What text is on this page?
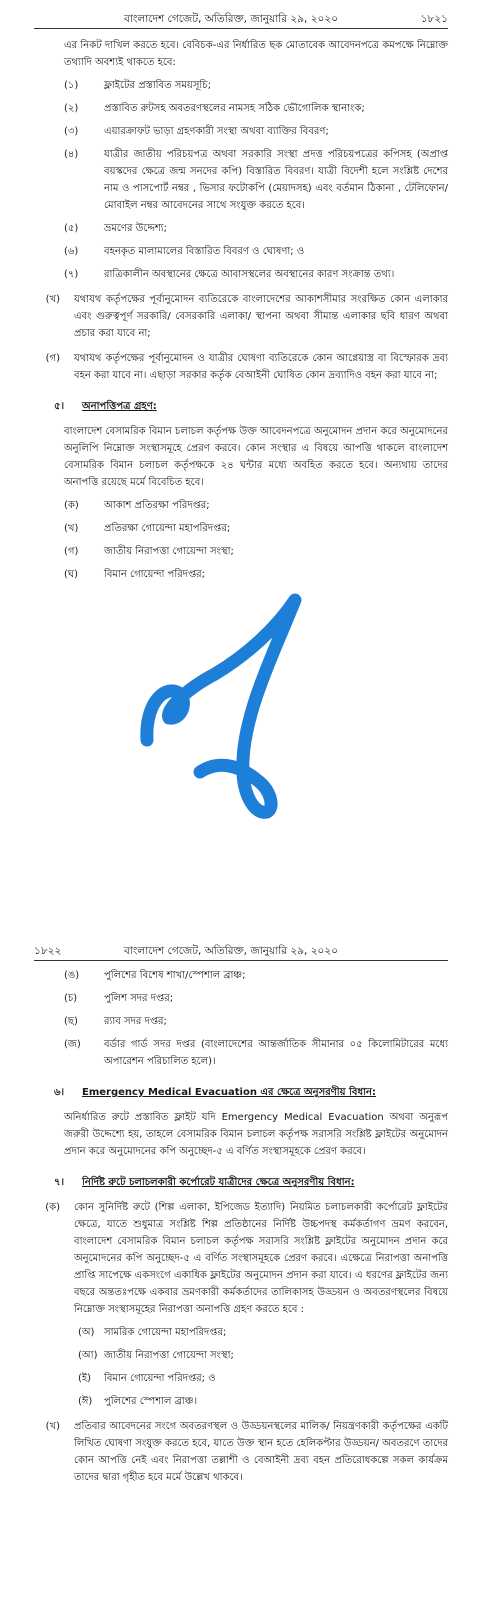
বাংলাদেশ গেজেট, অতিরিক্ত, জানুয়ারি ২৯, ২০২০	১৮২১

এর নিকট দাখিল করতে হবে। বেবিচক-এর নির্ধারিত ছক মোতাবেক আবেদনপত্রে কমপক্ষে নিম্নোক্ত তথ্যাদি অবশ্যই থাকতে হবে:

(১)	ফ্লাইটের প্রস্তাবিত সময়সূচি;
(২)	প্রস্তাবিত রুটসহ অবতরণস্থলের নামসহ সঠিক ভৌগোলিক স্থানাংক;
(৩)	এয়ারক্রাফট ভাড়া গ্রহণকারী সংস্থা অথবা ব্যাক্তির বিবরণ;
(৪)	যাত্রীর জাতীয় পরিচয়পত্র অথবা সরকারি সংস্থা প্রদত্ত পরিচয়পত্রের কপিসহ (অপ্রাপ্ত বয়স্কদের ক্ষেত্রে জন্ম সনদের কপি) বিস্তারিত বিবরণ। যাত্রী বিদেশী হলে সংশ্লিষ্ট দেশের নাম ও পাসপোর্ট নম্বর , ভিসার ফটোকপি (মেয়াদসহ) এবং বর্তমান ঠিকানা , টেলিফোন/মোবাইল নম্বর আবেদনের সাথে সংযুক্ত করতে হবে।
(৫)	ভ্রমণের উদ্দেশ্য;
(৬)	বহনকৃত মালামালের বিস্তারিত বিবরণ ও ঘোষণা; ও
(৭)	রাত্রিকালীন অবস্থানের ক্ষেত্রে আবাসস্থলের অবস্থানের কারণ সংক্রান্ত তথ্য।
(খ)	যথাযথ কর্তৃপক্ষের পূর্বানুমোদন ব্যতিরেকে বাংলাদেশের আকাশসীমার সংরক্ষিত কোন এলাকার এবং গুরুত্বপূর্ণ সরকারি/ বেসরকারি এলাকা/ স্থাপনা অথবা সীমান্ত এলাকার ছবি ধারণ অথবা প্রচার করা যাবে না;
(গ)	যথাযথ কর্তৃপক্ষের পূর্বানুমোদন ও যাত্রীর ঘোষণা ব্যতিরেকে কোন আগ্নেয়াস্ত্র বা বিস্ফোরক দ্রব্য বহন করা যাবে না। এছাড়া সরকার কর্তৃক বেআইনী ঘোষিত কোন দ্রব্যাদিও বহন করা যাবে না;
৫।	অনাপত্তিপত্র গ্রহণ:

বাংলাদেশ বেসামরিক বিমান চলাচল কর্তৃপক্ষ উক্ত আবেদনপত্রে অনুমোদন প্রদান করে অনুমোদনের অনুলিপি নিম্নোক্ত সংস্থাসমূহে প্রেরণ করবে। কোন সংস্থার এ বিষয়ে আপত্তি থাকলে বাংলাদেশ বেসামরিক বিমান চলাচল কর্তৃপক্ষকে ২৪ ঘন্টার মধ্যে অবহিত করতে হবে। অন্যথায় তাদের অনাপত্তি রয়েছে মর্মে বিবেচিত হবে।

(ক)	আকাশ প্রতিরক্ষা পরিদপ্তর;
(খ)	প্রতিরক্ষা গোয়েন্দা মহাপরিদপ্তর;
(গ)	জাতীয় নিরাপত্তা গোয়েন্দা সংস্থা;
(ঘ)	বিমান গোয়েন্দা পরিদপ্তর;
১৮২২	বাংলাদেশ গেজেট, অতিরিক্ত, জানুয়ারি ২৯, ২০২০
(ঙ)	পুলিশের বিশেষ শাখা/স্পেশাল ব্রাঞ্চ;
(চ)	পুলিশ সদর দপ্তর;
(ছ)	র‍্যাব সদর দপ্তর;
(জ)	বর্ডার গার্ড সদর দপ্তর (বাংলাদেশের আন্তর্জাতিক সীমানার ০৫ কিলোমিটারের মধ্যে অপারেশন পরিচালিত হলে)।
৬।	Emergency Medical Evacuation এর ক্ষেত্রে অনুসরণীয় বিধান:

অনির্ধারিত রুটে প্রস্তাবিত ফ্লাইট যদি Emergency Medical Evacuation অথবা অনুরূপ জরুরী উদ্দেশ্যে হয়, তাহলে বেসামরিক বিমান চলাচল কর্তৃপক্ষ সরাসরি সংশ্লিষ্ট ফ্লাইটের অনুমোদন প্রদান করে অনুমোদনের কপি অনুচ্ছেদ-৫ এ বর্ণিত সংস্থাসমূহকে প্রেরণ করবে।

৭।	নির্দিষ্ট রুটে চলাচলকারী কর্পোরেট যাত্রীদের ক্ষেত্রে অনুসরণীয় বিধান:
(ক)	কোন সুনির্দিষ্ট রুটে (শিল্প এলাকা, ইপিজেড ইত্যাদি) নিয়মিত চলাচলকারী কর্পোরেট ফ্লাইটের ক্ষেত্রে, যাতে শুধুমাত্র সংশ্লিষ্ট শিল্প প্রতিষ্ঠানের নির্দিষ্ট উচ্চপদস্থ কর্মকর্তাগণ ভ্রমণ করবেন, বাংলাদেশ বেসামরিক বিমান চলাচল কর্তৃপক্ষ সরাসরি সংশ্লিষ্ট ফ্লাইটের অনুমোদন প্রদান করে অনুমোদনের কপি অনুচ্ছেদ-৫ এ বর্ণিত সংস্থাসমূহকে প্রেরণ করবে। এক্ষেত্রে নিরাপত্তা অনাপত্তি প্রাপ্তি সাপেক্ষে একসংগে একাধিক ফ্লাইটের অনুমোদন প্রদান করা যাবে। এ ধরণের ফ্লাইটের জন্য বছরে অন্ততঃপক্ষে একবার ভ্রমণকারী কর্মকর্তাদের তালিকাসহ উড্ডয়ন ও অবতরণস্থলের বিষয়ে নিম্নোক্ত সংস্থাসমূহের নিরাপত্তা অনাপত্তি গ্রহণ করতে হবে :
(অ) সামরিক গোয়েন্দা মহাপরিদপ্তর;
(আ) জাতীয় নিরাপত্তা গোয়েন্দা সংস্থা;
(ই)	বিমান গোয়েন্দা পরিদপ্তর; ও
(ঈ)	পুলিশের স্পেশাল ব্রাঞ্চ।
(খ)	প্রতিবার আবেদনের সংগে অবতরণস্থল ও উড্ডয়নস্থলের মালিক/ নিয়ন্ত্রণকারী কর্তৃপক্ষের একটি লিখিত ঘোষণা সংযুক্ত করতে হবে, যাতে উক্ত স্থান হতে হেলিকপ্টার উড্ডয়ন/ অবতরণে তাদের কোন আপত্তি নেই এবং নিরাপত্তা তল্লাশী ও বেআইনী দ্রব্য বহন প্রতিরোধকল্পে সকল কার্যক্রম তাদের দ্বারা গৃহীত হবে মর্মে উল্লেখ থাকবে।
